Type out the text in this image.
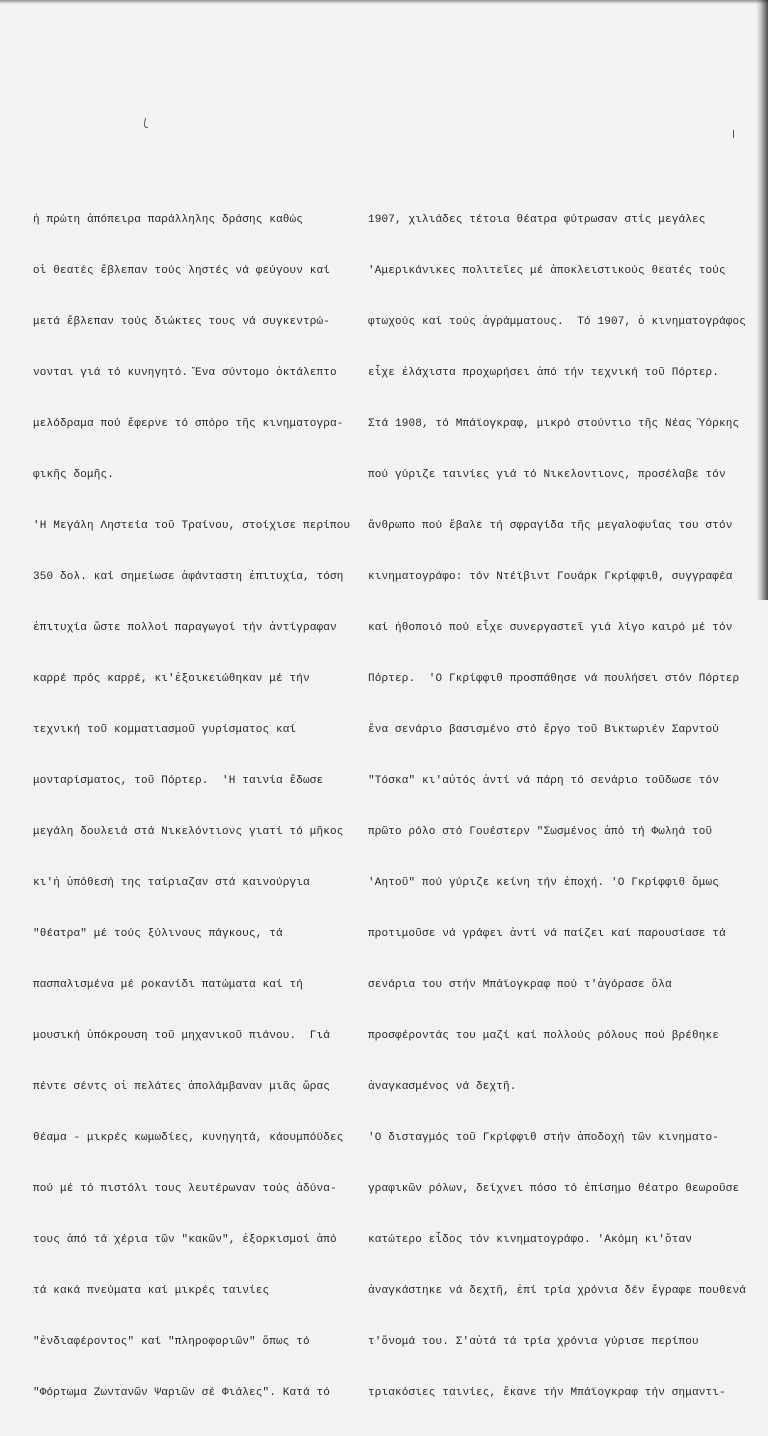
ἡ πρώτη ἀπόπειρα παράλληλης δράσης καθώς

οἱ θεατές ἔβλεπαν τούς ληστές νά φεύγουν καί

μετά ἔβλεπαν τούς διώκτες τους νά συγκεντρώ-

νονται γιά τό κυνηγητό. Ἕνα σύντομο ὀκτάλεπτο

μελόδραμα πού ἔφερνε τό σπόρο τῆς κινηματογρα-

φικῆς δομῆς.

'Η Μεγάλη Ληστεία τοῦ Τραίνου, στοίχισε περίπου

350 δολ. καί σημείωσε ἀφάνταστη ἐπιτυχία, τόση

ἐπιτυχία ὥστε πολλοί παραγωγοί τήν ἀντίγραφαν

καρρέ πρός καρρέ, κι'ἐξοικειώθηκαν μέ τήν

τεχνική τοῦ κομματιασμοῦ γυρίσματος καί

μονταρίσματος, τοῦ Πόρτερ.  'Η ταινία ἔδωσε

μεγάλη δουλειά στά Νικελόντιονς γιατί τό μῆκος

κι'ἡ ὑπόθεσή της ταίριαζαν στά καινούργια

"θέατρα" μέ τούς ξύλινους πάγκους, τά

πασπαλισμένα μέ ροκανίδι πατώματα καί τή

μουσική ὑπόκρουση τοῦ μηχανικοῦ πιάνου.  Γιά

πέντε σέντς οἱ πελάτες ἀπολάμβαναν μιᾶς ὥρας

θέαμα - μικρές κωμωδίες, κυνηγητά, κάουμπόϋδες

πού μέ τό πιστόλι τους λευτέρωναν τούς ἀδύνα-

τους ἀπό τά χέρια τῶν "κακῶν", ἐξορκισμοί ἀπό

τά κακά πνεύματα καί μικρές ταινίες

"ἐνδιαφέροντος" καί "πληροφοριῶν" ὅπως τό

"Φόρτωμα Ζωντανῶν Ψαριῶν σέ Φιάλες". Κατά τό

1907, χιλιάδες τέτοια θέατρα φύτρωσαν στίς μεγάλες

'Αμερικάνικες πολιτεῖες μέ ἀποκλειστικούς θεατές τούς

φτωχούς καί τούς ἀγράμματους.  Τό 1907, ὁ κινηματογράφος

εἶχε ἐλάχιστα προχωρήσει ἀπό τήν τεχνική τοῦ Πόρτερ.

Στά 1908, τό Μπάϊογκραφ, μικρό στούντιο τῆς Νέας Ὑόρκης

πού γύριζε ταινίες γιά τό Νικελοντιονς, προσέλαβε τόν

ἄνθρωπο πού ἔβαλε τή σφραγίδα τῆς μεγαλοφυΐας του στόν

κινηματογράφο: τόν Ντέϊβιντ Γουάρκ Γκρίφφιθ, συγγραφέα

καί ἠθοποιό πού εἶχε συνεργαστεῖ γιά λίγο καιρό μέ τόν

Πόρτερ.  'Ο Γκρίφφιθ προσπάθησε νά πουλήσει στόν Πόρτερ

ἕνα σενάριο βασισμένο στό ἔργο τοῦ Βικτωριέν Σαρντού

"Τόσκα" κι'αὐτός ἀντί νά πάρη τό σενάριο τοῦδωσε τόν

πρῶτο ρόλο στό Γουέστερν "Σωσμένος ἀπό τή Φωληά τοῦ

'Αητοῦ" πού γύριζε κείνη τήν ἐποχή. 'Ο Γκρίφφιθ ὅμως

προτιμοῦσε νά γράφει ἀντί νά παίζει καί παρουσίασε τά

σενάρια του στήν Μπάϊογκραφ πού τ'ἀγόρασε ὅλα

προσφέροντάς του μαζί καί πολλούς ρόλους πού βρέθηκε

ἀναγκασμένος νά δεχτῆ.

'Ο δισταγμός τοῦ Γκρίφφιθ στήν ἀποδοχή τῶν κινηματο-

γραφικῶν ρόλων, δείχνει πόσο τό ἐπίσημο θέατρο θεωροῦσε

κατώτερο εἶδος τόν κινηματογράφο. 'Ακόμη κι'ὅταν

ἀναγκάστηκε νά δεχτῆ, ἐπί τρία χρόνια δέν ἔγραφε πουθενά

τ'ὄνομά του. Σ'αὐτά τά τρία χρόνια γύρισε περίπου

τριακόσιες ταινίες, ἔκανε τήν Μπάϊογκραφ τήν σημαντι-
